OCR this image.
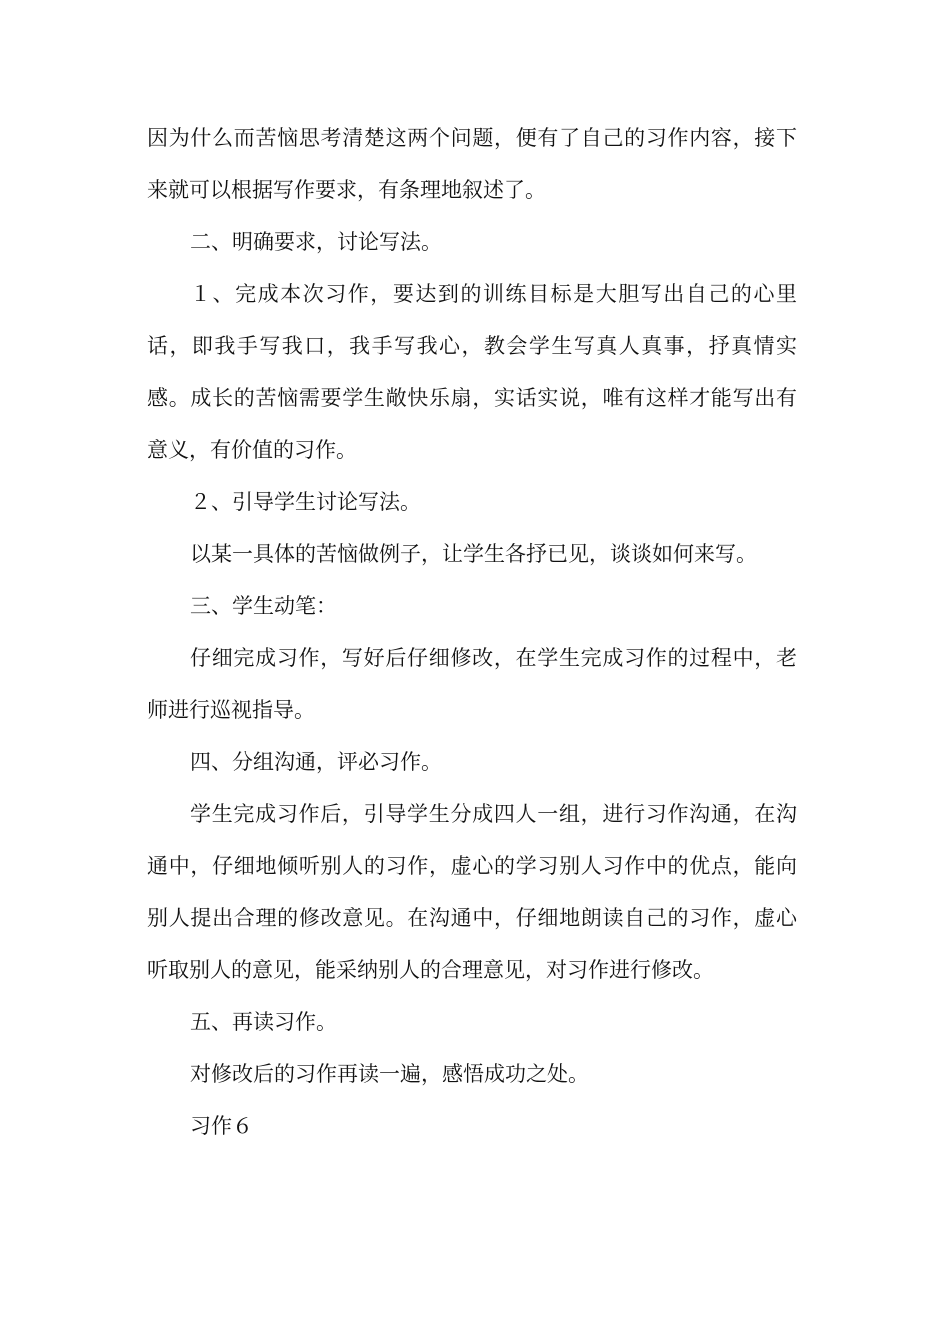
因为什么而苦恼思考清楚这两个问题，便有了自己的习作内容，接下来就可以根据写作要求，有条理地叙述了。

二、明确要求，讨论写法。

１、完成本次习作，要达到的训练目标是大胆写出自己的心里话，即我手写我口，我手写我心，教会学生写真人真事，抒真情实感。成长的苦恼需要学生敞快乐扇，实话实说，唯有这样才能写出有意义，有价值的习作。

２、引导学生讨论写法。

以某一具体的苦恼做例子，让学生各抒已见，谈谈如何来写。

三、学生动笔：

仔细完成习作，写好后仔细修改，在学生完成习作的过程中，老师进行巡视指导。

四、分组沟通，评必习作。

学生完成习作后，引导学生分成四人一组，进行习作沟通，在沟通中，仔细地倾听别人的习作，虚心的学习别人习作中的优点，能向别人提出合理的修改意见。在沟通中，仔细地朗读自己的习作，虚心听取别人的意见，能采纳别人的合理意见，对习作进行修改。

五、再读习作。

对修改后的习作再读一遍，感悟成功之处。

习作６
